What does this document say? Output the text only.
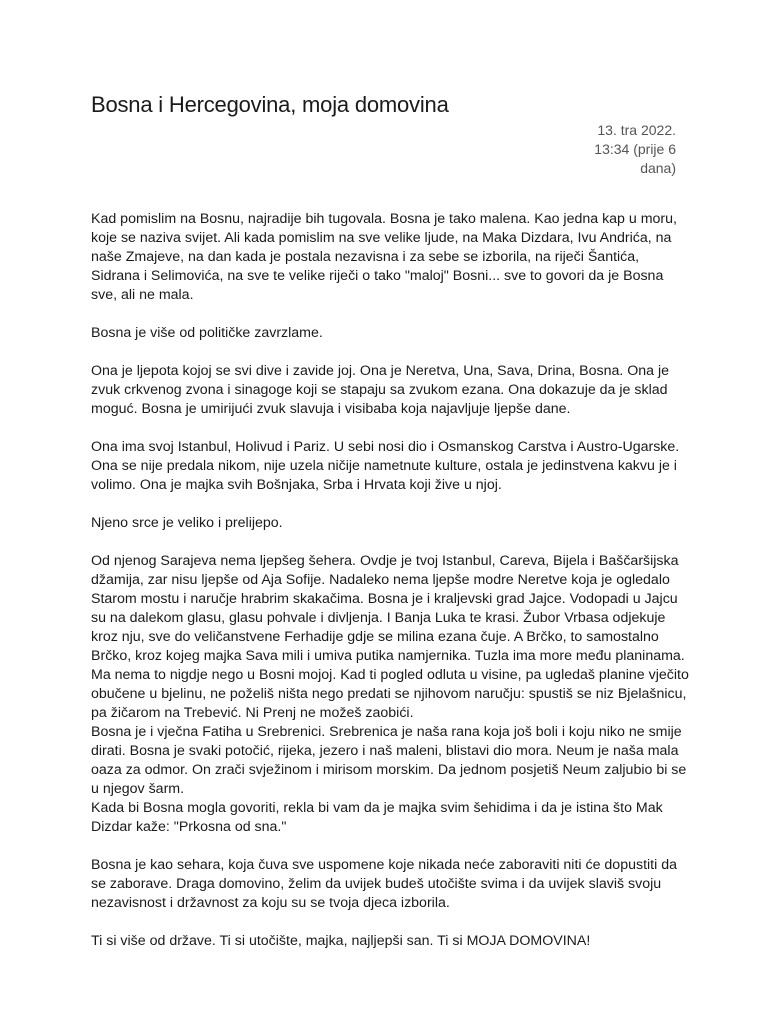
Bosna i Hercegovina, moja domovina
13. tra 2022.
13:34 (prije 6
dana)

Kad pomislim na Bosnu, najradije bih tugovala. Bosna je tako malena. Kao jedna kap u moru, koje se naziva svijet. Ali kada pomislim na sve velike ljude, na Maka Dizdara, Ivu Andrića, na naše Zmajeve, na dan kada je postala nezavisna i za sebe se izborila, na riječi Šantića, Sidrana i Selimovića, na sve te velike riječi o tako "maloj" Bosni... sve to govori da je Bosna sve, ali ne mala.

Bosna je više od političke zavrzlame.

Ona je ljepota kojoj se svi dive i zavide joj. Ona je Neretva, Una, Sava, Drina, Bosna. Ona je zvuk crkvenog zvona i sinagoge koji se stapaju sa zvukom ezana. Ona dokazuje da je sklad moguć. Bosna je umirijući zvuk slavuja i visibaba koja najavljuje ljepše dane.

Ona ima svoj Istanbul, Holivud i Pariz. U sebi nosi dio i Osmanskog Carstva i Austro-Ugarske. Ona se nije predala nikom, nije uzela ničije nametnute kulture, ostala je jedinstvena kakvu je i volimo. Ona je majka svih Bošnjaka, Srba i Hrvata koji žive u njoj.

Njeno srce je veliko i prelijepo.

Od njenog Sarajeva nema ljepšeg šehera. Ovdje je tvoj Istanbul, Careva, Bijela i Baščaršijska džamija, zar nisu ljepše od Aja Sofije. Nadaleko nema ljepše modre Neretve koja je ogledalo Starom mostu i naručje hrabrim skakačima. Bosna je i kraljevski grad Jajce. Vodopadi u Jajcu su na dalekom glasu, glasu pohvale i divljenja. I Banja Luka te krasi. Žubor Vrbasa odjekuje kroz nju, sve do veličanstvene Ferhadije gdje se milina ezana čuje. A Brčko, to samostalno Brčko, kroz kojeg majka Sava mili i umiva putika namjernika. Tuzla ima more među planinama. Ma nema to nigdje nego u Bosni mojoj. Kad ti pogled odluta u visine, pa ugledaš planine vječito obučene u bjelinu, ne poželiš ništa nego predati se njihovom naručju: spustiš se niz Bjelašnicu, pa žičarom na Trebević. Ni Prenj ne možeš zaobići.
Bosna je i vječna Fatiha u Srebrenici. Srebrenica je naša rana koja još boli i koju niko ne smije dirati. Bosna je svaki potočić, rijeka, jezero i naš maleni, blistavi dio mora. Neum je naša mala oaza za odmor. On zrači svježinom i mirisom morskim. Da jednom posjetiš Neum zaljubio bi se u njegov šarm.
Kada bi Bosna mogla govoriti, rekla bi vam da je majka svim šehidima i da je istina što Mak Dizdar kaže: "Prkosna od sna."

Bosna je kao sehara, koja čuva sve uspomene koje nikada neće zaboraviti niti će dopustiti da se zaborave. Draga domovino, želim da uvijek budeš utočište svima i da uvijek slaviš svoju nezavisnost i državnost za koju su se tvoja djeca izborila.

Ti si više od države. Ti si utočište, majka, najljepši san. Ti si MOJA DOMOVINA!
